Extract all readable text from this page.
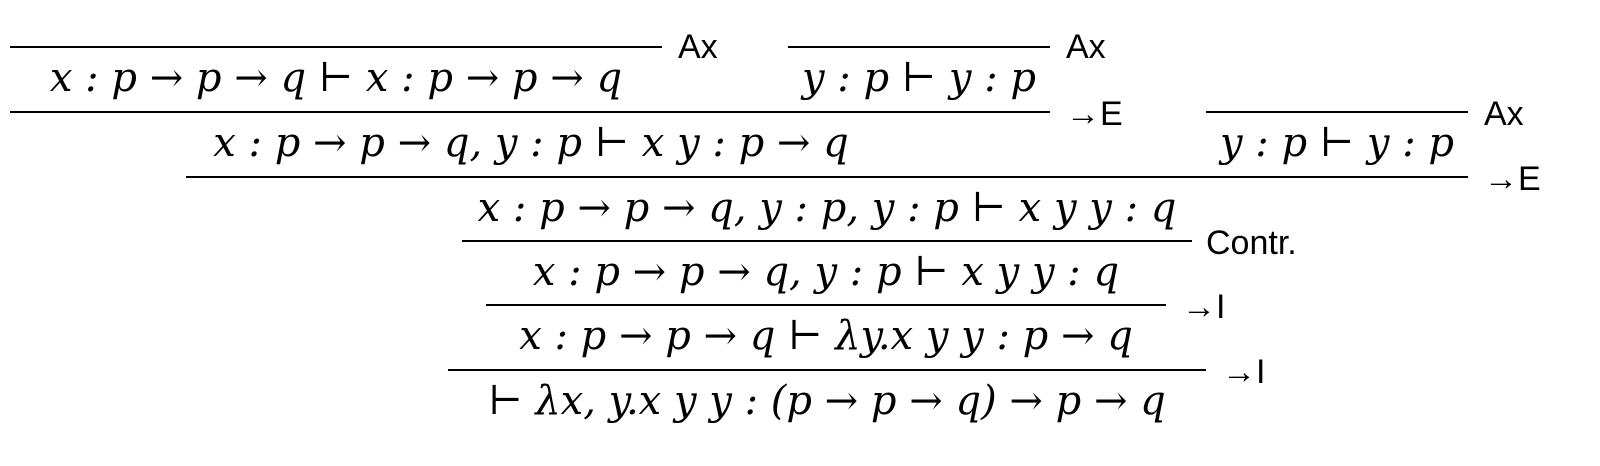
Ax
x : p → p → q ⊢ x : p → p → q
Ax
y : p ⊢ y : p
→E
x : p → p → q, y : p ⊢ x y : p → q
Ax
y : p ⊢ y : p
→E
x : p → p → q, y : p, y : p ⊢ x y y : q
Contr.
x : p → p → q, y : p ⊢ x y y : q
→I
x : p → p → q ⊢ λy.x y y : p → q
→I
⊢ λx, y.x y y : (p → p → q) → p → q
